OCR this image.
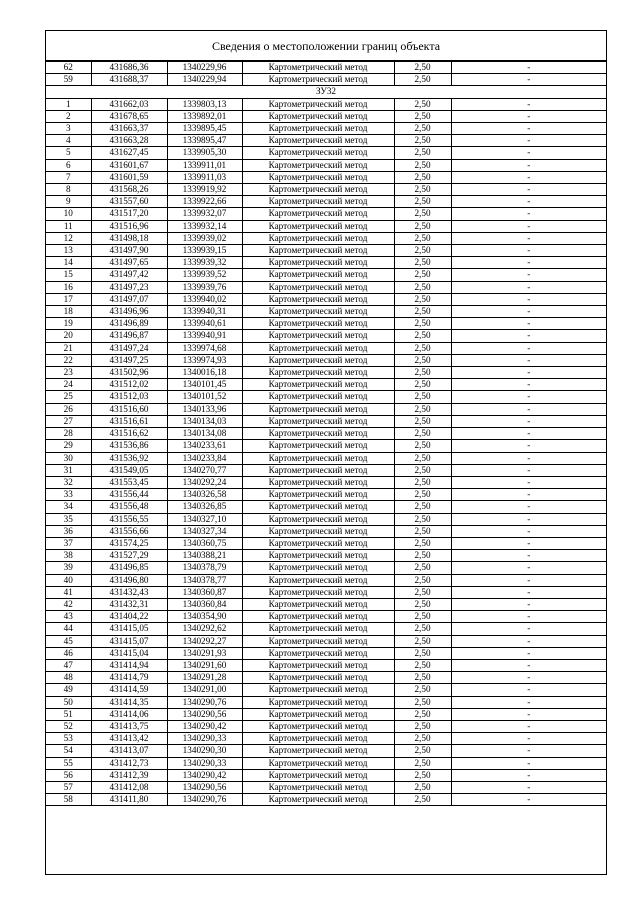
Сведения о местоположении границ объекта
62	431686,36	1340229,96	Картометрический метод	2,50	-
59	431688,37	1340229,94	Картометрический метод	2,50	-
ЗУ32					
1	431662,03	1339803,13	Картометрический метод	2,50	-
2	431678,65	1339892,01	Картометрический метод	2,50	-
3	431663,37	1339895,45	Картометрический метод	2,50	-
4	431663,28	1339895,47	Картометрический метод	2,50	-
5	431627,45	1339905,30	Картометрический метод	2,50	-
6	431601,67	1339911,01	Картометрический метод	2,50	-
7	431601,59	1339911,03	Картометрический метод	2,50	-
8	431568,26	1339919,92	Картометрический метод	2,50	-
9	431557,60	1339922,66	Картометрический метод	2,50	-
10	431517,20	1339932,07	Картометрический метод	2,50	-
11	431516,96	1339932,14	Картометрический метод	2,50	-
12	431498,18	1339939,02	Картометрический метод	2,50	-
13	431497,90	1339939,15	Картометрический метод	2,50	-
14	431497,65	1339939,32	Картометрический метод	2,50	-
15	431497,42	1339939,52	Картометрический метод	2,50	-
16	431497,23	1339939,76	Картометрический метод	2,50	-
17	431497,07	1339940,02	Картометрический метод	2,50	-
18	431496,96	1339940,31	Картометрический метод	2,50	-
19	431496,89	1339940,61	Картометрический метод	2,50	-
20	431496,87	1339940,91	Картометрический метод	2,50	-
21	431497,24	1339974,68	Картометрический метод	2,50	-
22	431497,25	1339974,93	Картометрический метод	2,50	-
23	431502,96	1340016,18	Картометрический метод	2,50	-
24	431512,02	1340101,45	Картометрический метод	2,50	-
25	431512,03	1340101,52	Картометрический метод	2,50	-
26	431516,60	1340133,96	Картометрический метод	2,50	-
27	431516,61	1340134,03	Картометрический метод	2,50	-
28	431516,62	1340134,08	Картометрический метод	2,50	-
29	431536,86	1340233,61	Картометрический метод	2,50	-
30	431536,92	1340233,84	Картометрический метод	2,50	-
31	431549,05	1340270,77	Картометрический метод	2,50	-
32	431553,45	1340292,24	Картометрический метод	2,50	-
33	431556,44	1340326,58	Картометрический метод	2,50	-
34	431556,48	1340326,85	Картометрический метод	2,50	-
35	431556,55	1340327,10	Картометрический метод	2,50	-
36	431556,66	1340327,34	Картометрический метод	2,50	-
37	431574,25	1340360,75	Картометрический метод	2,50	-
38	431527,29	1340388,21	Картометрический метод	2,50	-
39	431496,85	1340378,79	Картометрический метод	2,50	-
40	431496,80	1340378,77	Картометрический метод	2,50	-
41	431432,43	1340360,87	Картометрический метод	2,50	-
42	431432,31	1340360,84	Картометрический метод	2,50	-
43	431404,22	1340354,90	Картометрический метод	2,50	-
44	431415,05	1340292,62	Картометрический метод	2,50	-
45	431415,07	1340292,27	Картометрический метод	2,50	-
46	431415,04	1340291,93	Картометрический метод	2,50	-
47	431414,94	1340291,60	Картометрический метод	2,50	-
48	431414,79	1340291,28	Картометрический метод	2,50	-
49	431414,59	1340291,00	Картометрический метод	2,50	-
50	431414,35	1340290,76	Картометрический метод	2,50	-
51	431414,06	1340290,56	Картометрический метод	2,50	-
52	431413,75	1340290,42	Картометрический метод	2,50	-
53	431413,42	1340290,33	Картометрический метод	2,50	-
54	431413,07	1340290,30	Картометрический метод	2,50	-
55	431412,73	1340290,33	Картометрический метод	2,50	-
56	431412,39	1340290,42	Картометрический метод	2,50	-
57	431412,08	1340290,56	Картометрический метод	2,50	-
58	431411,80	1340290,76	Картометрический метод	2,50	-
